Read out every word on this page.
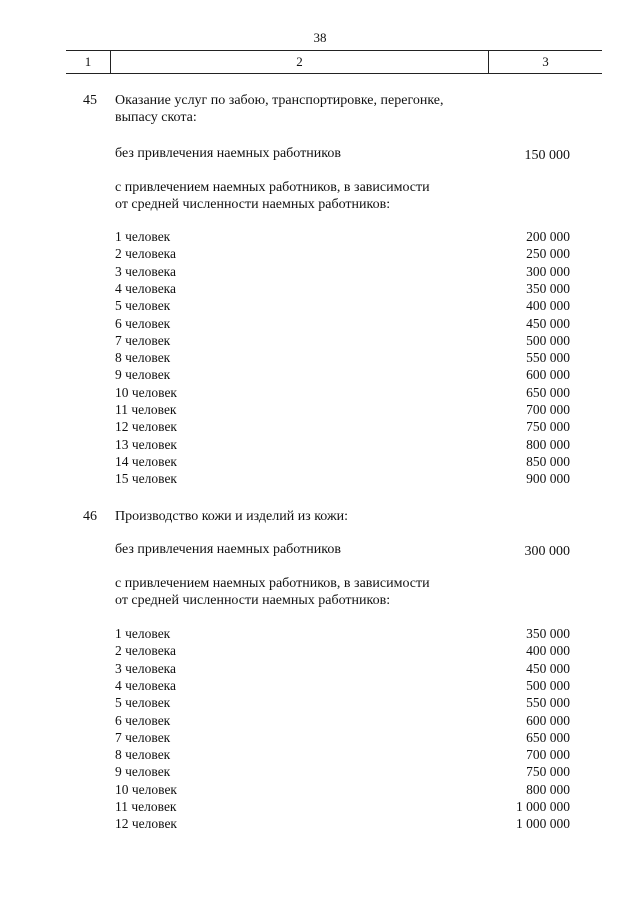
38
1	2	3
45 Оказание услуг по забою, транспортировке, перегонке,
выпасу скота:
без привлечения наемных работников	150 000
с привлечением наемных работников, в зависимости
от средней численности наемных работников:
1 человек	200 000
2 человека	250 000
3 человека	300 000
4 человека	350 000
5 человек	400 000
6 человек	450 000
7 человек	500 000
8 человек	550 000
9 человек	600 000
10 человек	650 000
11 человек	700 000
12 человек	750 000
13 человек	800 000
14 человек	850 000
15 человек	900 000
46 Производство кожи и изделий из кожи:
без привлечения наемных работников	300 000
с привлечением наемных работников, в зависимости
от средней численности наемных работников:
1 человек	350 000
2 человека	400 000
3 человека	450 000
4 человека	500 000
5 человек	550 000
6 человек	600 000
7 человек	650 000
8 человек	700 000
9 человек	750 000
10 человек	800 000
11 человек	1 000 000
12 человек	1 000 000
